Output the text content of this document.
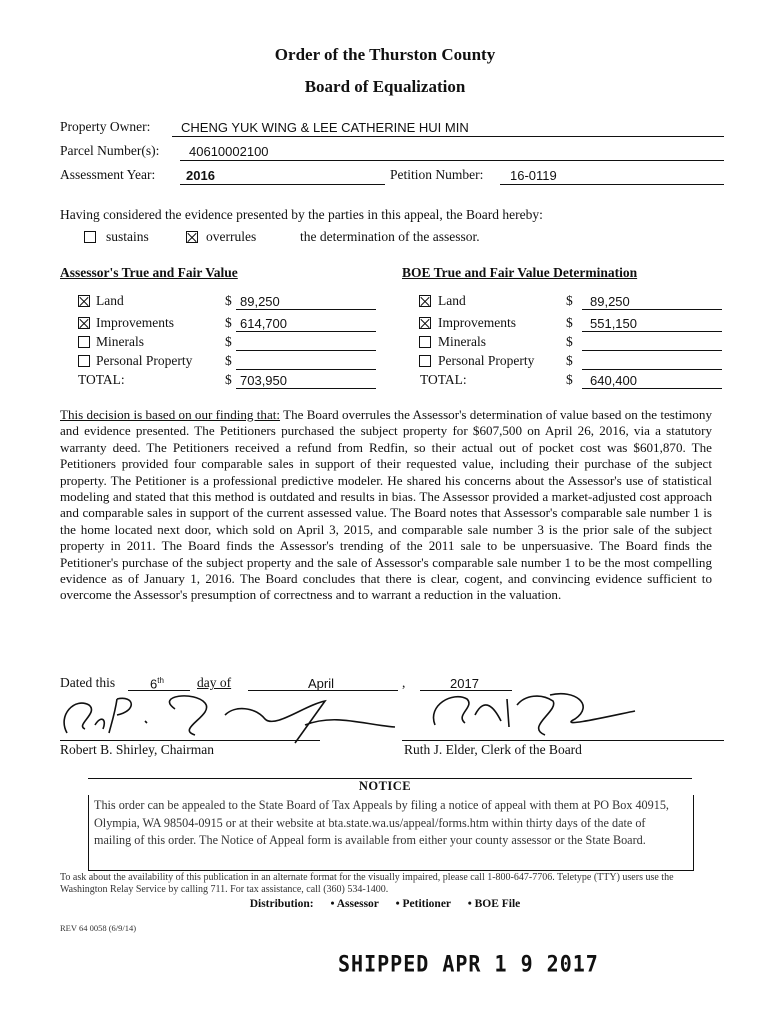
Order of the Thurston County
Board of Equalization
Property Owner: CHENG YUK WING & LEE CATHERINE HUI MIN
Parcel Number(s): 40610002100
Assessment Year: 2016	Petition Number: 16-0119
Having considered the evidence presented by the parties in this appeal, the Board hereby:
sustains	overrules	the determination of the assessor.
Assessor's True and Fair Value	BOE True and Fair Value Determination
Land	$ 89,250
Improvements	$ 614,700
Minerals	$
Personal Property $
TOTAL:	$ 703,950
Land	$ 89,250
Improvements	$ 551,150
Minerals	$
Personal Property $
TOTAL:	$ 640,400
This decision is based on our finding that: The Board overrules the Assessor's determination of value based on the testimony and evidence presented. The Petitioners purchased the subject property for $607,500 on April 26, 2016, via a statutory warranty deed. The Petitioners received a refund from Redfin, so their actual out of pocket cost was $601,870. The Petitioners provided four comparable sales in support of their requested value, including their purchase of the subject property. The Petitioner is a professional predictive modeler. He shared his concerns about the Assessor's use of statistical modeling and stated that this method is outdated and results in bias. The Assessor provided a market-adjusted cost approach and comparable sales in support of the current assessed value. The Board notes that Assessor's comparable sale number 1 is the home located next door, which sold on April 3, 2015, and comparable sale number 3 is the prior sale of the subject property in 2011. The Board finds the Assessor's trending of the 2011 sale to be unpersuasive. The Board finds the Petitioner's purchase of the subject property and the sale of Assessor's comparable sale number 1 to be the most compelling evidence as of January 1, 2016. The Board concludes that there is clear, cogent, and convincing evidence sufficient to overcome the Assessor's presumption of correctness and to warrant a reduction in the valuation.
Dated this	6th day of	April	,	2017
Robert B. Shirley, Chairman	Ruth J. Elder, Clerk of the Board
NOTICE
This order can be appealed to the State Board of Tax Appeals by filing a notice of appeal with them at PO Box 40915, Olympia, WA 98504-0915 or at their website at bta.state.wa.us/appeal/forms.htm within thirty days of the date of mailing of this order. The Notice of Appeal form is available from either your county assessor or the State Board.
To ask about the availability of this publication in an alternate format for the visually impaired, please call 1-800-647-7706. Teletype (TTY) users use the Washington Relay Service by calling 711. For tax assistance, call (360) 534-1400.
Distribution: • Assessor • Petitioner • BOE File
REV 64 0058 (6/9/14)
SHIPPED APR 1 9 2017
